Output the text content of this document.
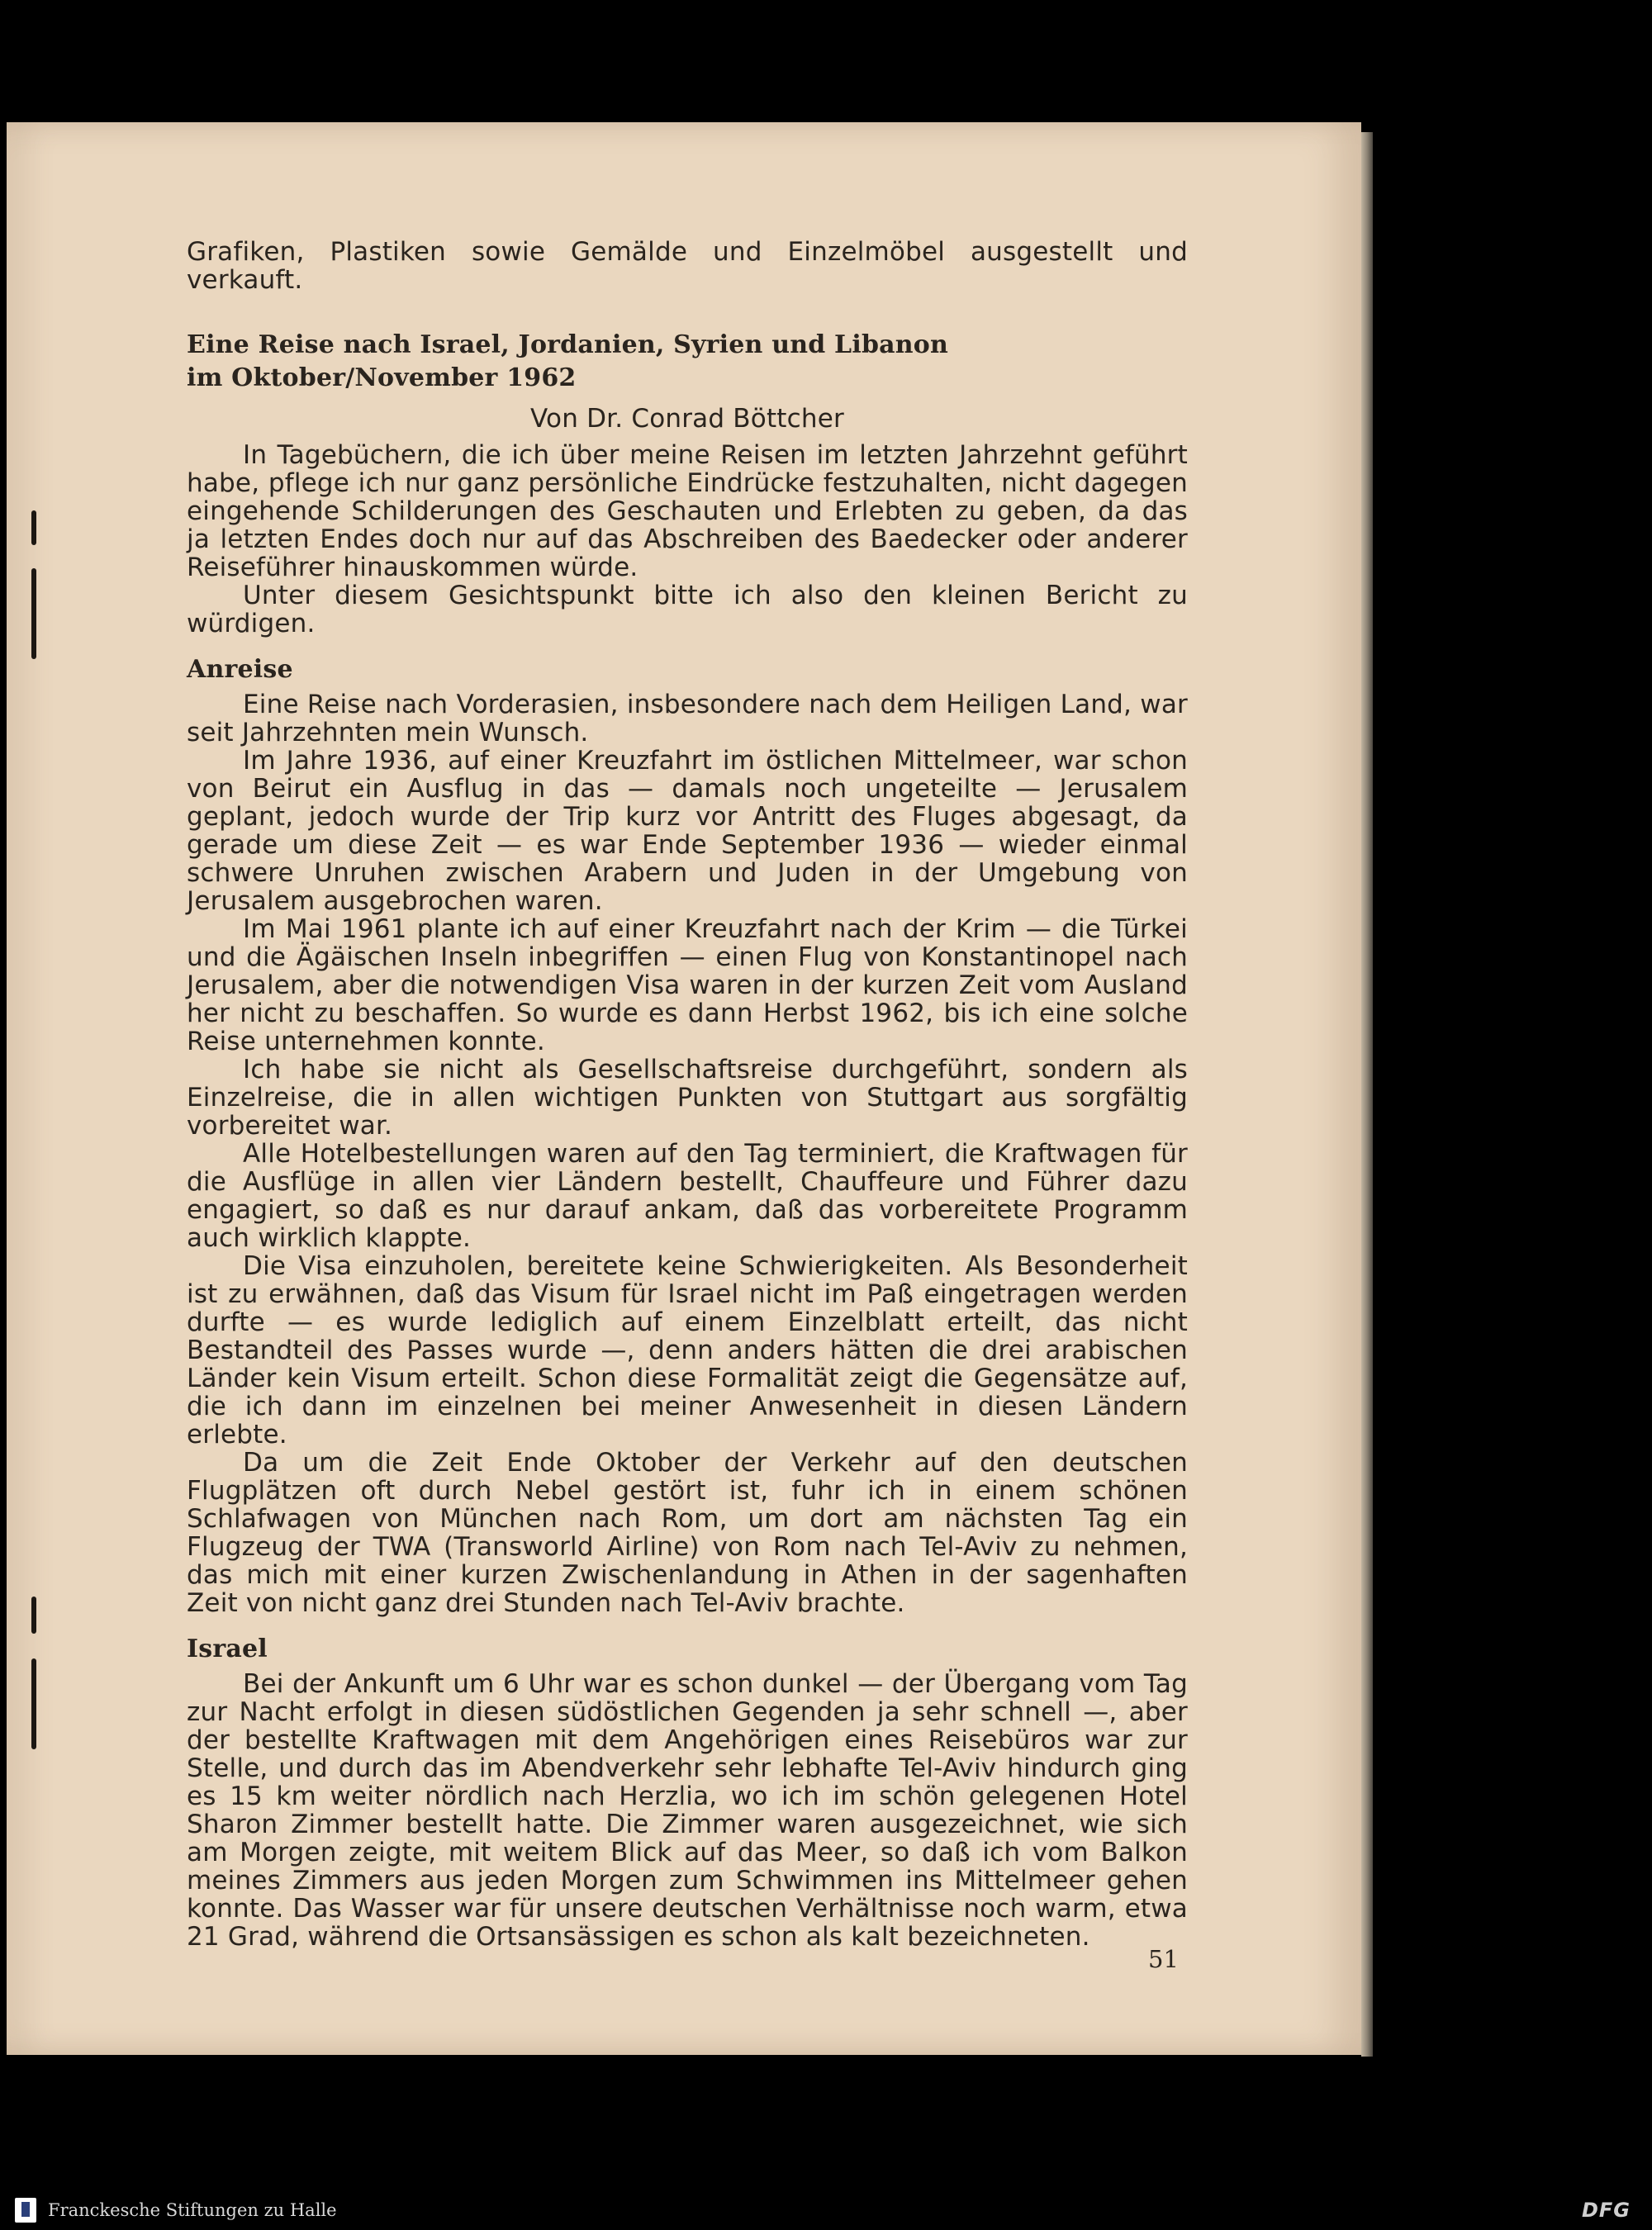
Grafiken, Plastiken sowie Gemälde und Einzelmöbel ausgestellt und verkauft.

Eine Reise nach Israel, Jordanien, Syrien und Libanon
im Oktober/November 1962

Von Dr. Conrad Böttcher

In Tagebüchern, die ich über meine Reisen im letzten Jahrzehnt geführt habe, pflege ich nur ganz persönliche Eindrücke festzuhalten, nicht dagegen eingehende Schilderungen des Geschauten und Erlebten zu geben, da das ja letzten Endes doch nur auf das Abschreiben des Baedecker oder anderer Reiseführer hinauskommen würde.

Unter diesem Gesichtspunkt bitte ich also den kleinen Bericht zu würdigen.

Anreise

Eine Reise nach Vorderasien, insbesondere nach dem Heiligen Land, war seit Jahrzehnten mein Wunsch.

Im Jahre 1936, auf einer Kreuzfahrt im östlichen Mittelmeer, war schon von Beirut ein Ausflug in das — damals noch ungeteilte — Jerusalem geplant, jedoch wurde der Trip kurz vor Antritt des Fluges abgesagt, da gerade um diese Zeit — es war Ende September 1936 — wieder einmal schwere Unruhen zwischen Arabern und Juden in der Umgebung von Jerusalem ausgebrochen waren.

Im Mai 1961 plante ich auf einer Kreuzfahrt nach der Krim — die Türkei und die Ägäischen Inseln inbegriffen — einen Flug von Konstantinopel nach Jerusalem, aber die notwendigen Visa waren in der kurzen Zeit vom Ausland her nicht zu beschaffen. So wurde es dann Herbst 1962, bis ich eine solche Reise unternehmen konnte.

Ich habe sie nicht als Gesellschaftsreise durchgeführt, sondern als Einzelreise, die in allen wichtigen Punkten von Stuttgart aus sorgfältig vorbereitet war.

Alle Hotelbestellungen waren auf den Tag terminiert, die Kraftwagen für die Ausflüge in allen vier Ländern bestellt, Chauffeure und Führer dazu engagiert, so daß es nur darauf ankam, daß das vorbereitete Programm auch wirklich klappte.

Die Visa einzuholen, bereitete keine Schwierigkeiten. Als Besonderheit ist zu erwähnen, daß das Visum für Israel nicht im Paß eingetragen werden durfte — es wurde lediglich auf einem Einzelblatt erteilt, das nicht Bestandteil des Passes wurde —, denn anders hätten die drei arabischen Länder kein Visum erteilt. Schon diese Formalität zeigt die Gegensätze auf, die ich dann im einzelnen bei meiner Anwesenheit in diesen Ländern erlebte.

Da um die Zeit Ende Oktober der Verkehr auf den deutschen Flugplätzen oft durch Nebel gestört ist, fuhr ich in einem schönen Schlafwagen von München nach Rom, um dort am nächsten Tag ein Flugzeug der TWA (Transworld Airline) von Rom nach Tel-Aviv zu nehmen, das mich mit einer kurzen Zwischenlandung in Athen in der sagenhaften Zeit von nicht ganz drei Stunden nach Tel-Aviv brachte.

Israel

Bei der Ankunft um 6 Uhr war es schon dunkel — der Übergang vom Tag zur Nacht erfolgt in diesen südöstlichen Gegenden ja sehr schnell —, aber der bestellte Kraftwagen mit dem Angehörigen eines Reisebüros war zur Stelle, und durch das im Abendverkehr sehr lebhafte Tel-Aviv hindurch ging es 15 km weiter nördlich nach Herzlia, wo ich im schön gelegenen Hotel Sharon Zimmer bestellt hatte. Die Zimmer waren ausgezeichnet, wie sich am Morgen zeigte, mit weitem Blick auf das Meer, so daß ich vom Balkon meines Zimmers aus jeden Morgen zum Schwimmen ins Mittelmeer gehen konnte. Das Wasser war für unsere deutschen Verhältnisse noch warm, etwa 21 Grad, während die Ortsansässigen es schon als kalt bezeichneten.

51
Franckesche Stiftungen zu Halle	DFG
